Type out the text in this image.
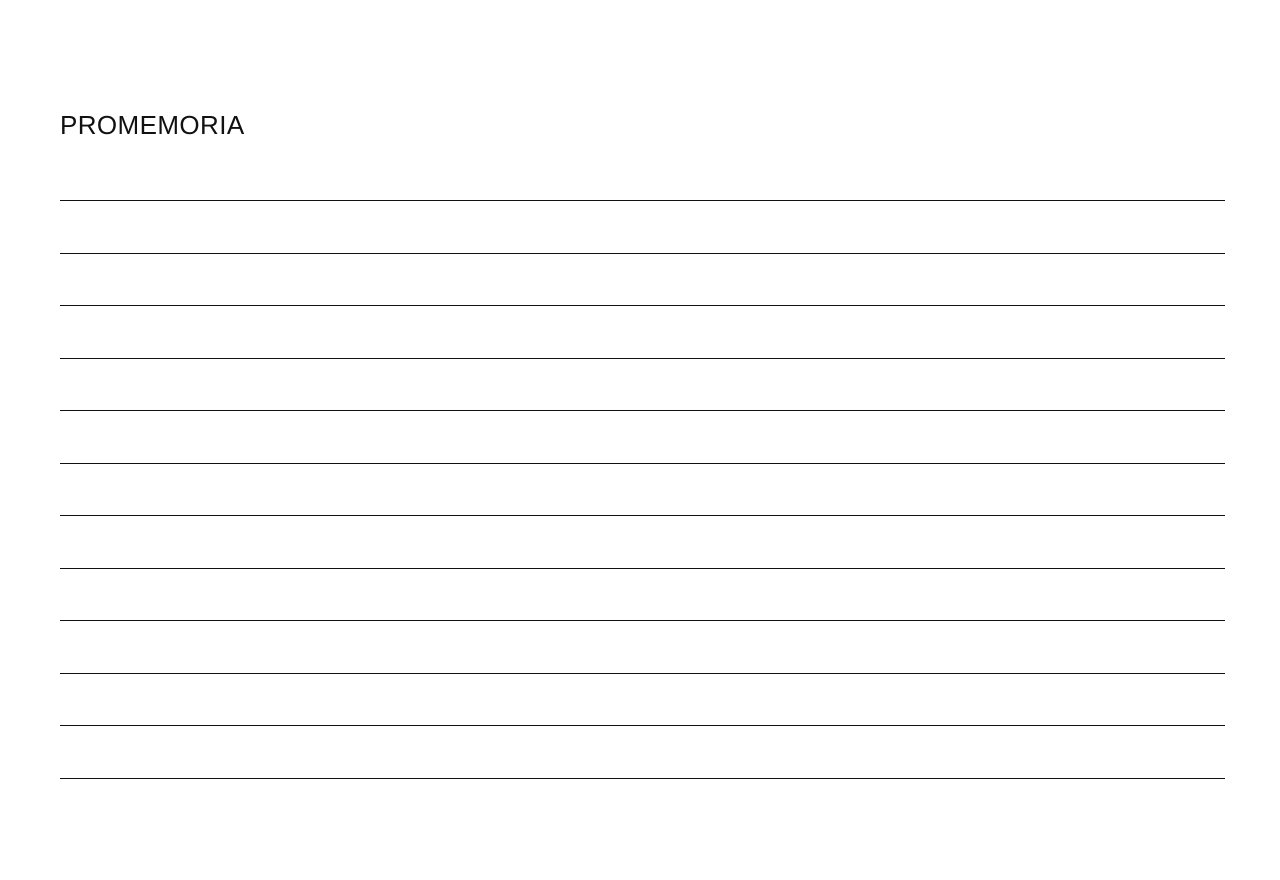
PROMEMORIA
